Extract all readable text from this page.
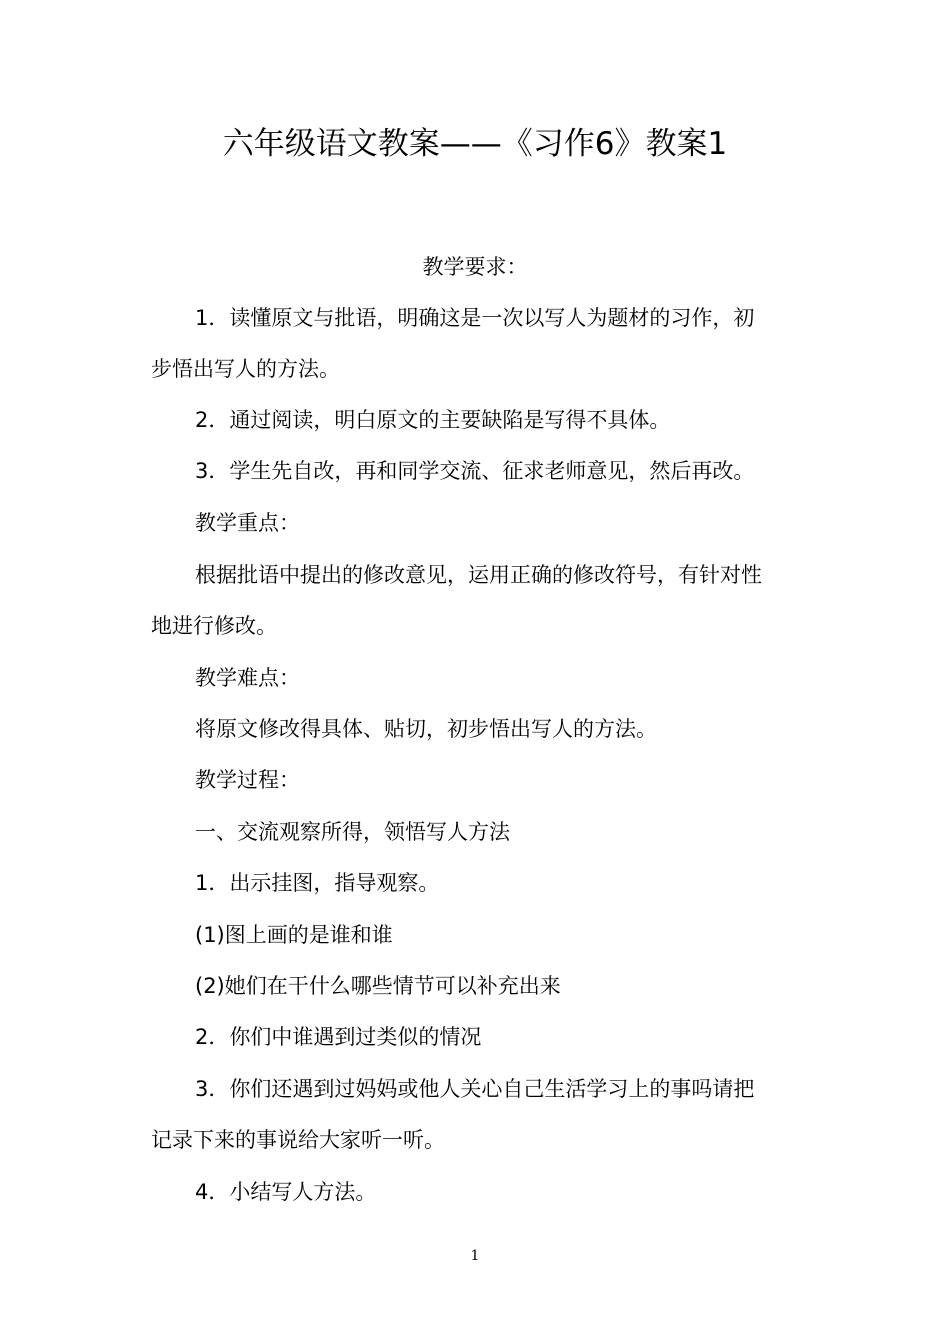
六年级语文教案——《习作6》教案1
教学要求：
1．读懂原文与批语，明确这是一次以写人为题材的习作，初
步悟出写人的方法。
2．通过阅读，明白原文的主要缺陷是写得不具体。
3．学生先自改，再和同学交流、征求老师意见，然后再改。
教学重点：
根据批语中提出的修改意见，运用正确的修改符号，有针对性
地进行修改。
教学难点：
将原文修改得具体、贴切，初步悟出写人的方法。
教学过程：
一、交流观察所得，领悟写人方法
1．出示挂图，指导观察。
(1)图上画的是谁和谁
(2)她们在干什么哪些情节可以补充出来
2．你们中谁遇到过类似的情况
3．你们还遇到过妈妈或他人关心自己生活学习上的事吗请把
记录下来的事说给大家听一听。
4．小结写人方法。
1
